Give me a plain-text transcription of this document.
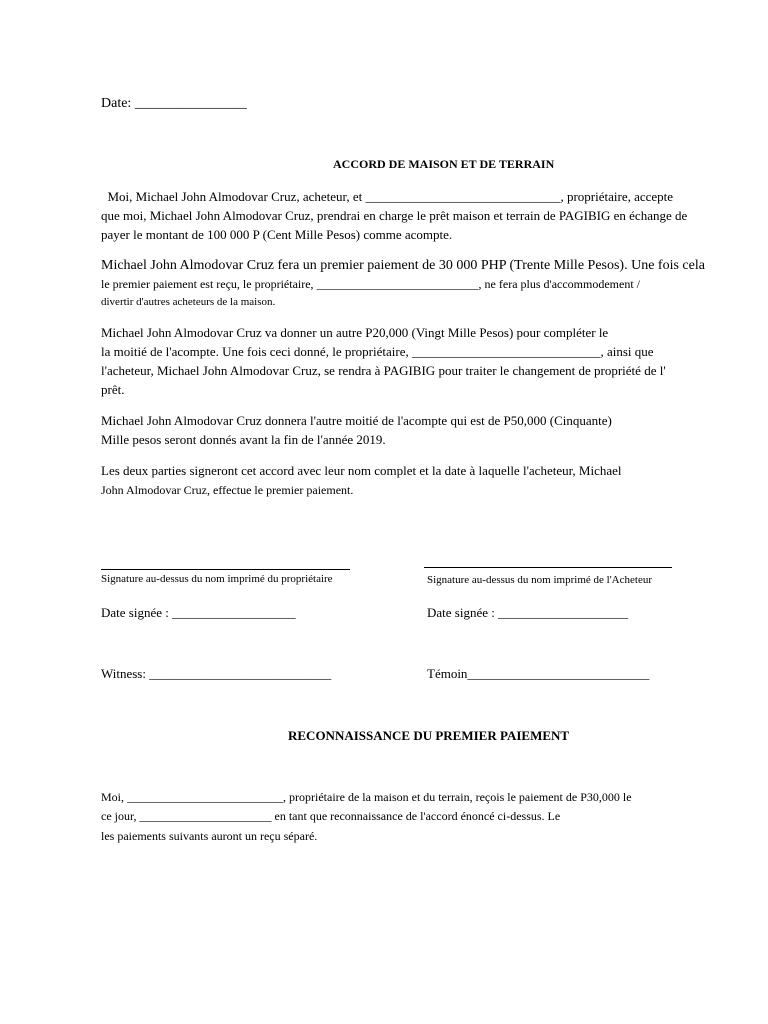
Date: ________________
ACCORD DE MAISON ET DE TERRAIN
Moi, Michael John Almodovar Cruz, acheteur, et ______________________________, propriétaire, accepte
que moi, Michael John Almodovar Cruz, prendrai en charge le prêt maison et terrain de PAGIBIG en échange de
payer le montant de 100 000 P (Cent Mille Pesos) comme acompte.
Michael John Almodovar Cruz fera un premier paiement de 30 000 PHP (Trente Mille Pesos). Une fois cela
le premier paiement est reçu, le propriétaire, ___________________________, ne fera plus d'accommodement /
divertir d'autres acheteurs de la maison.
Michael John Almodovar Cruz va donner un autre P20,000 (Vingt Mille Pesos) pour compléter le
la moitié de l'acompte. Une fois ceci donné, le propriétaire, _____________________________, ainsi que
l'acheteur, Michael John Almodovar Cruz, se rendra à PAGIBIG pour traiter le changement de propriété de l'
prêt.
Michael John Almodovar Cruz donnera l'autre moitié de l'acompte qui est de P50,000 (Cinquante)
Mille pesos seront donnés avant la fin de l'année 2019.
Les deux parties signeront cet accord avec leur nom complet et la date à laquelle l'acheteur, Michael
John Almodovar Cruz, effectue le premier paiement.
Signature au-dessus du nom imprimé du propriétaire	Signature au-dessus du nom imprimé de l'Acheteur
Date signée : ___________________	Date signée : ____________________
Witness: ____________________________	Témoin____________________________
RECONNAISSANCE DU PREMIER PAIEMENT
Moi, __________________________, propriétaire de la maison et du terrain, reçois le paiement de P30,000 le
ce jour, ______________________ en tant que reconnaissance de l'accord énoncé ci-dessus. Le
les paiements suivants auront un reçu séparé.
